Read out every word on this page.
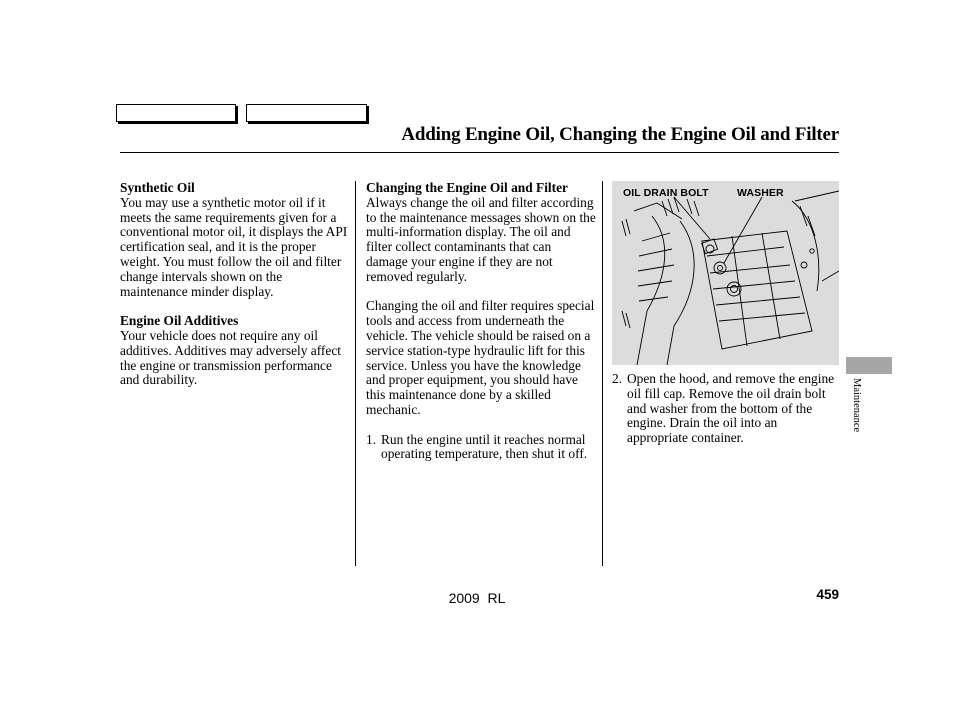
Adding Engine Oil, Changing the Engine Oil and Filter
Synthetic Oil

You may use a synthetic motor oil if it meets the same requirements given for a conventional motor oil, it displays the API certification seal, and it is the proper weight. You must follow the oil and filter change intervals shown on the maintenance minder display.

Engine Oil Additives

Your vehicle does not require any oil additives. Additives may adversely affect the engine or transmission performance and durability.

Changing the Engine Oil and Filter

Always change the oil and filter according to the maintenance messages shown on the multi-information display. The oil and filter collect contaminants that can damage your engine if they are not removed regularly.

Changing the oil and filter requires special tools and access from underneath the vehicle. The vehicle should be raised on a service station-type hydraulic lift for this service. Unless you have the knowledge and proper equipment, you should have this maintenance done by a skilled mechanic.

1. Run the engine until it reaches normal operating temperature, then shut it off.
OIL DRAIN BOLT	WASHER
2. Open the hood, and remove the engine oil fill cap. Remove the oil drain bolt and washer from the bottom of the engine. Drain the oil into an appropriate container.
Maintenance
2009  RL	459
